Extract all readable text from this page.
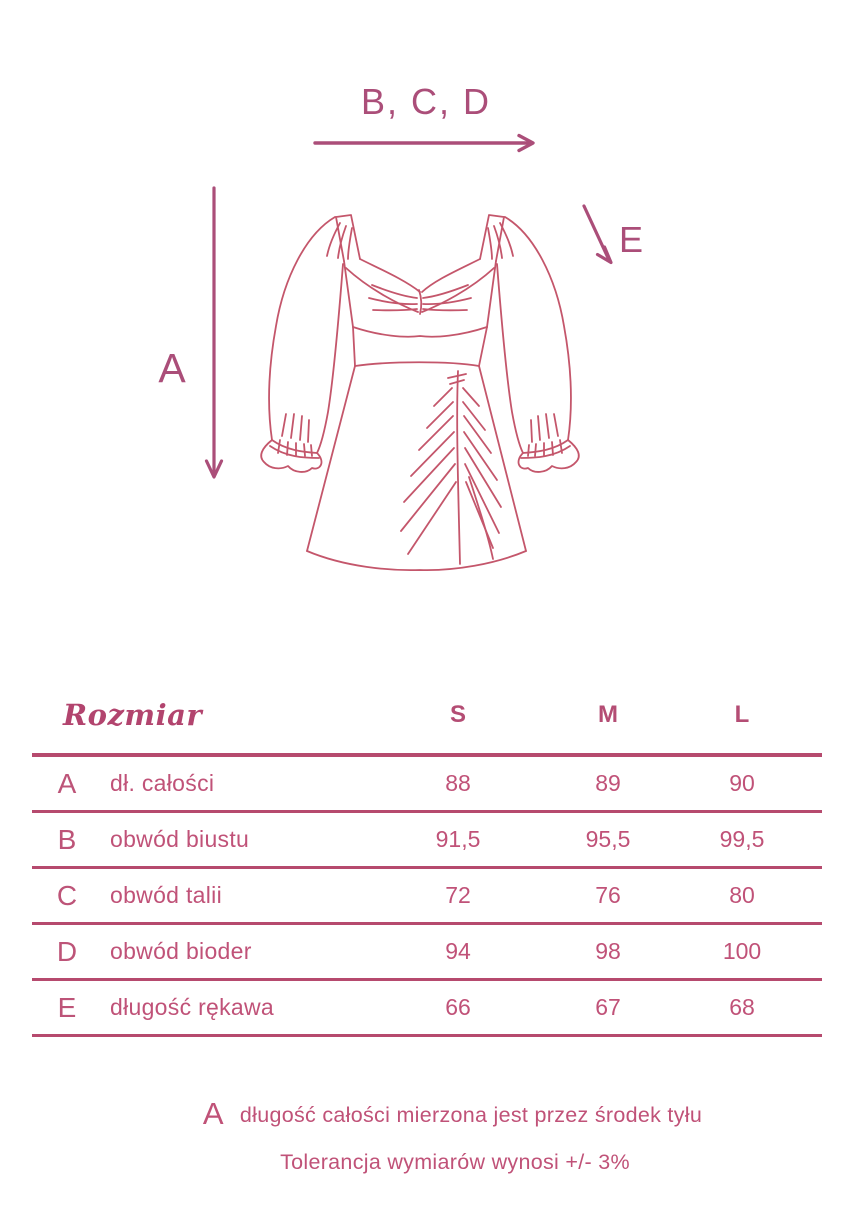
B, C, D
A
E
Rozmiar	S	M	L
A	dł. całości	88	89	90
B	obwód biustu	91,5	95,5	99,5
C	obwód talii	72	76	80
D	obwód bioder	94	98	100
E	długość rękawa	66	67	68
A długość całości mierzona jest przez środek tyłu
Tolerancja wymiarów wynosi +/- 3%
